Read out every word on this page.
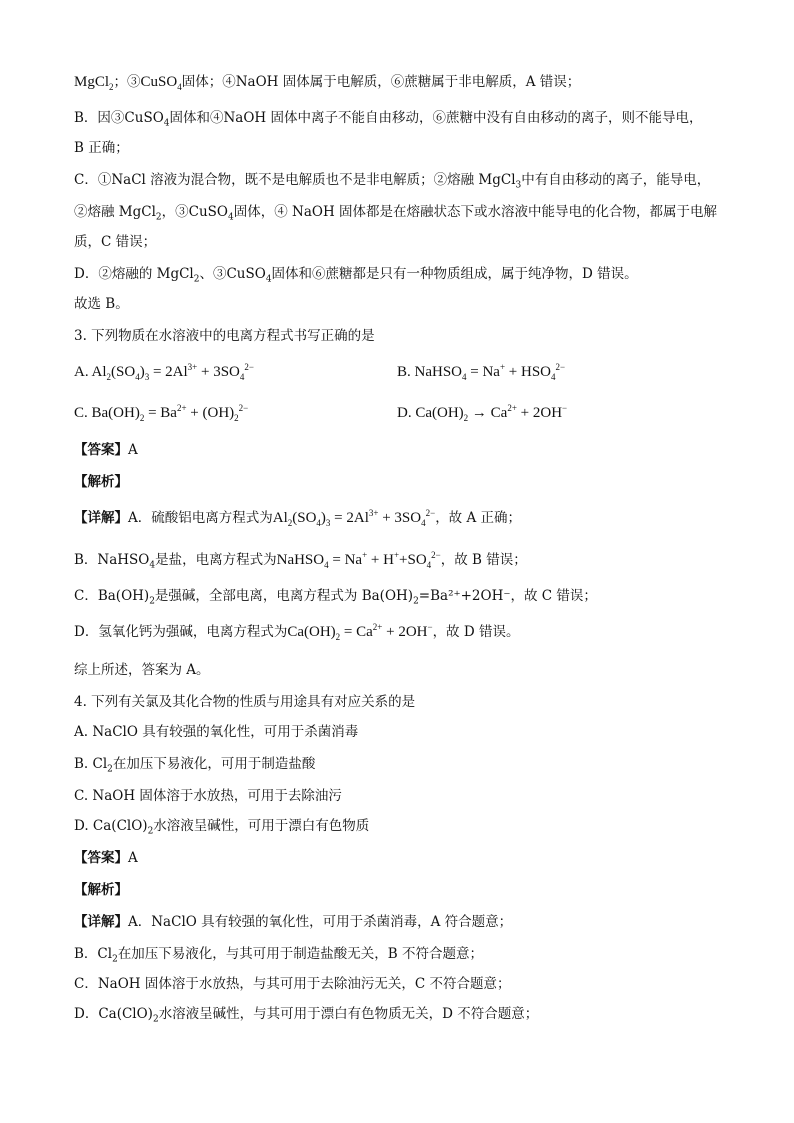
MgCl$_2$；③CuSO$_4$固体；④NaOH 固体属于电解质，⑥蔗糖属于非电解质，A 错误；
B．因③CuSO$_4$固体和④NaOH 固体中离子不能自由移动，⑥蔗糖中没有自由移动的离子，则不能导电，
B 正确；
C．①NaCl 溶液为混合物，既不是电解质也不是非电解质；②熔融 MgCl$_3$中有自由移动的离子，能导电，
②熔融 MgCl$_2$，③CuSO$_4$固体，④ NaOH 固体都是在熔融状态下或水溶液中能导电的化合物，都属于电解
质，C 错误；
D．②熔融的 MgCl$_2$、③CuSO$_4$固体和⑥蔗糖都是只有一种物质组成，属于纯净物，D 错误。
故选 B。
3. 下列物质在水溶液中的电离方程式书写正确的是
A. $Al_2(SO_4)_3 = 2Al^{3+} + 3SO_4^{2-}$	B. NaHSO$_4$ = $Na^+ + HSO_4^{2-}$
C. $Ba(OH)_2 = Ba^{2+} + (OH)_2^{2-}$	D. $Ca(OH)_2 \to Ca^{2+} + 2OH^-$
【答案】A
【解析】
【详解】A．硫酸铝电离方程式为$Al_2(SO_4)_3 = 2Al^{3+} + 3SO_4^{2-}$，故 A 正确；
B．NaHSO$_4$是盐，电离方程式为NaHSO$_4$ = $Na^+ + H^++SO_4^{2-}$，故 B 错误；
C．$Ba(OH)_2$是强碱，全部电离，电离方程式为 $Ba(OH)_2=Ba^{2+}+2OH^-$，故 C 错误；
D．氢氧化钙为强碱，电离方程式为$Ca(OH)_2 = Ca^{2+} + 2OH^-$，故 D 错误。
综上所述，答案为 A。
4. 下列有关氯及其化合物的性质与用途具有对应关系的是
A. NaClO 具有较强的氧化性，可用于杀菌消毒
B. $Cl_2$在加压下易液化，可用于制造盐酸
C. NaOH 固体溶于水放热，可用于去除油污
D. $Ca(ClO)_2$水溶液呈碱性，可用于漂白有色物质
【答案】A
【解析】
【详解】A．NaClO 具有较强的氧化性，可用于杀菌消毒，A 符合题意；
B．$Cl_2$在加压下易液化，与其可用于制造盐酸无关，B 不符合题意；
C．NaOH 固体溶于水放热，与其可用于去除油污无关，C 不符合题意；
D．$Ca(ClO)_2$水溶液呈碱性，与其可用于漂白有色物质无关，D 不符合题意；
